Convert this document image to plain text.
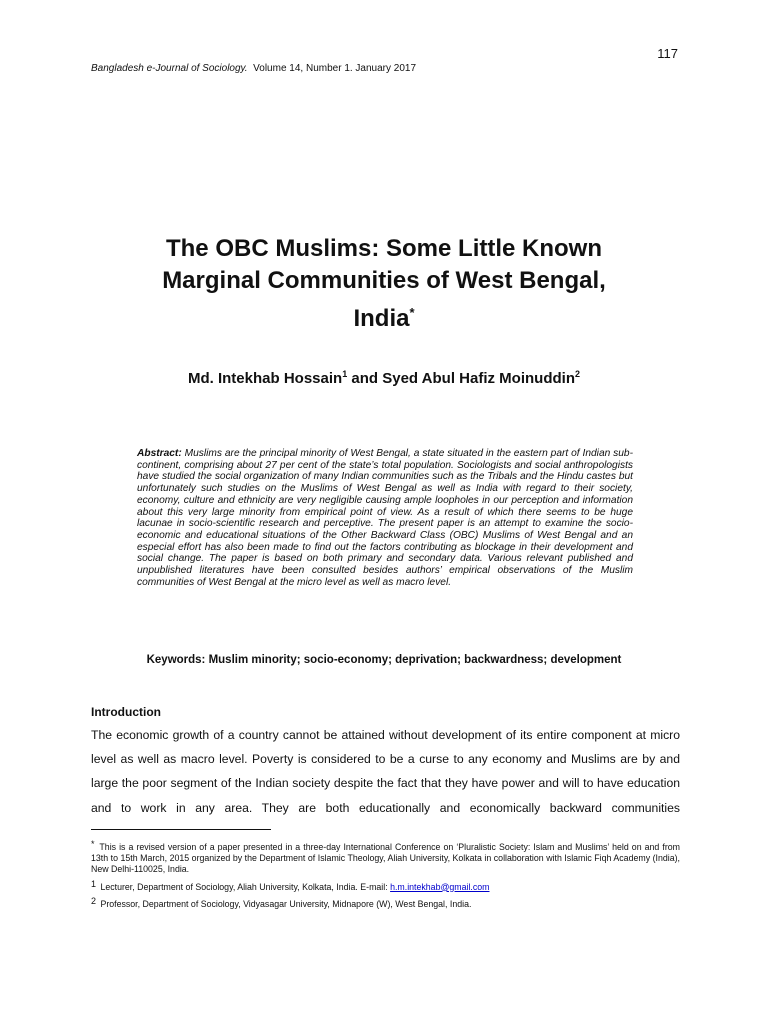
117
Bangladesh e-Journal of Sociology. Volume 14, Number 1. January 2017
The OBC Muslims: Some Little Known
Marginal Communities of West Bengal,
India*
Md. Intekhab Hossain$^1$ and Syed Abul Hafiz Moinuddin$^2$
Abstract: Muslims are the principal minority of West Bengal, a state situated in the eastern part of Indian sub-continent, comprising about 27 per cent of the state’s total population. Sociologists and social anthropologists have studied the social organization of many Indian communities such as the Tribals and the Hindu castes but unfortunately such studies on the Muslims of West Bengal as well as India with regard to their society, economy, culture and ethnicity are very negligible causing ample loopholes in our perception and information about this very large minority from empirical point of view. As a result of which there seems to be huge lacunae in socio-scientific research and perceptive. The present paper is an attempt to examine the socio-economic and educational situations of the Other Backward Class (OBC) Muslims of West Bengal and an especial effort has also been made to find out the factors contributing as blockage in their development and social change. The paper is based on both primary and secondary data. Various relevant published and unpublished literatures have been consulted besides authors’ empirical observations of the Muslim communities of West Bengal at the micro level as well as macro level.
Keywords: Muslim minority; socio-economy; deprivation; backwardness; development
Introduction
The economic growth of a country cannot be attained without development of its entire component at micro level as well as macro level. Poverty is considered to be a curse to any economy and Muslims are by and large the poor segment of the Indian society despite the fact that they have power and will to have education and to work in any area. They are both educationally and economically backward communities

* This is a revised version of a paper presented in a three-day International Conference on ‘Pluralistic Society: Islam and Muslims’ held on and from 13th to 15th March, 2015 organized by the Department of Islamic Theology, Aliah University, Kolkata in collaboration with Islamic Fiqh Academy (India), New Delhi-110025, India.

$^1$ Lecturer, Department of Sociology, Aliah University, Kolkata, India. E-mail: h.m.intekhab@gmail.com

$^2$ Professor, Department of Sociology, Vidyasagar University, Midnapore (W), West Bengal, India.
